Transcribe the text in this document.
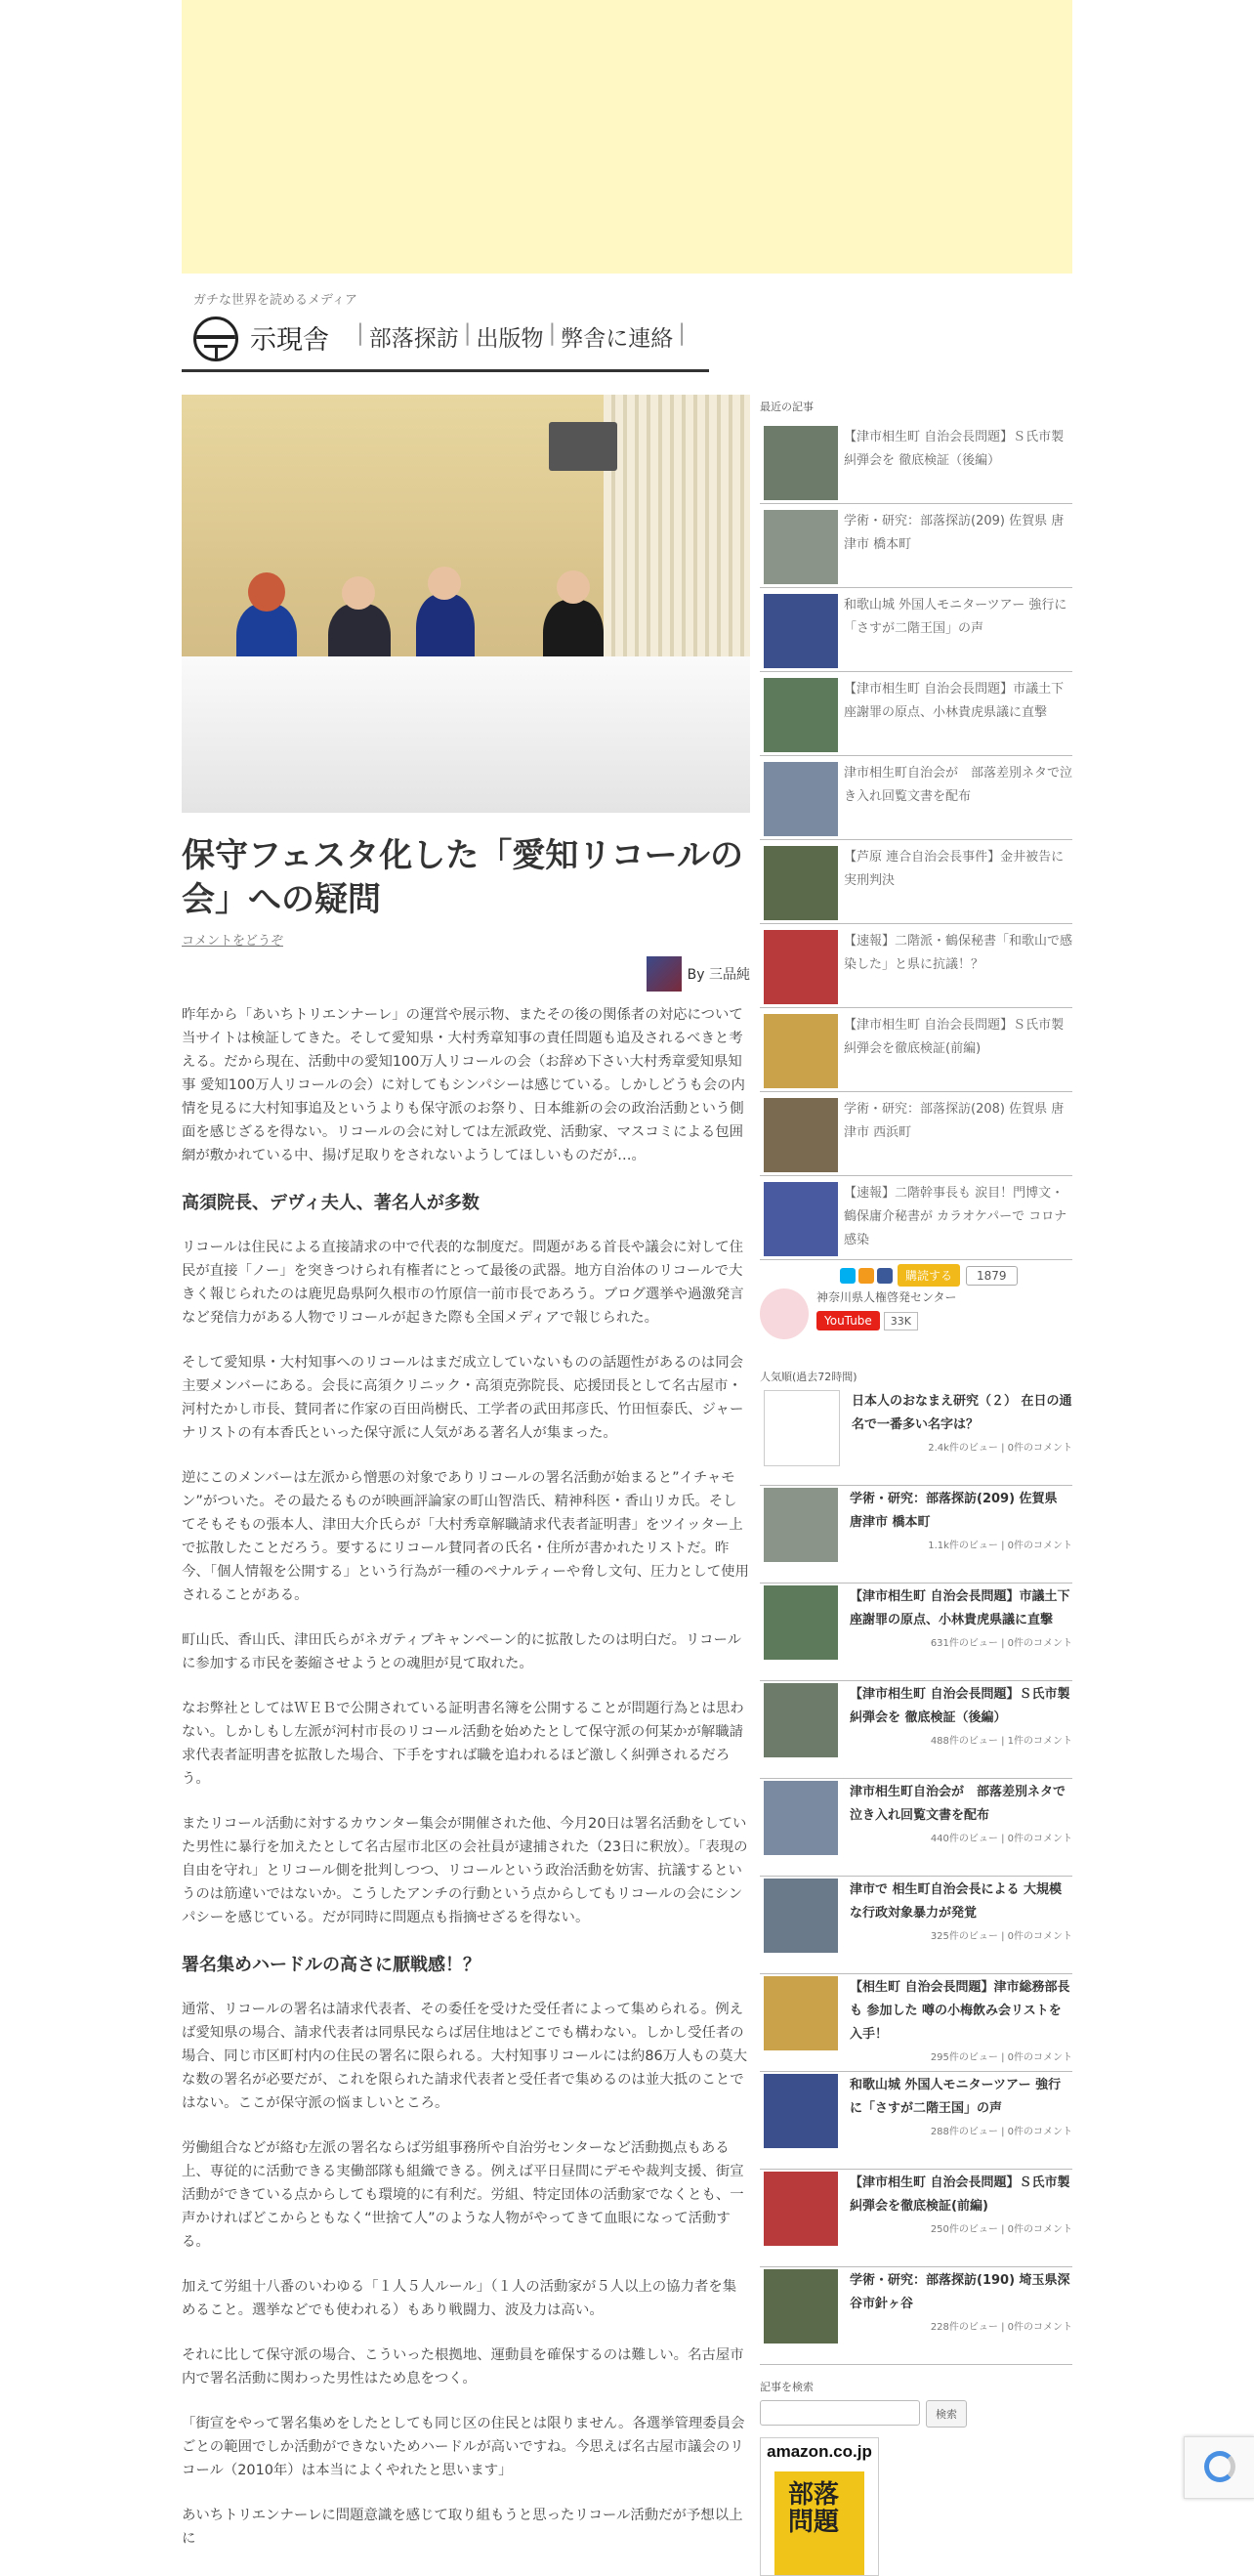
ガチな世界を読めるメディア
示現舎 | 部落探訪 | 出版物 | 弊舎に連絡 |
保守フェスタ化した「愛知リコールの会」への疑問
コメントをどうぞ
By 三品純

昨年から「あいちトリエンナーレ」の運営や展示物、またその後の関係者の対応について当サイトは検証してきた。そして愛知県・大村秀章知事の責任問題も追及されるべきと考える。だから現在、活動中の愛知100万人リコールの会（お辞め下さい大村秀章愛知県知事 愛知100万人リコールの会）に対してもシンパシーは感じている。しかしどうも会の内情を見るに大村知事追及というよりも保守派のお祭り、日本維新の会の政治活動という側面を感じざるを得ない。リコールの会に対しては左派政党、活動家、マスコミによる包囲網が敷かれている中、揚げ足取りをされないようしてほしいものだが…。

高須院長、デヴィ夫人、著名人が多数

リコールは住民による直接請求の中で代表的な制度だ。問題がある首長や議会に対して住民が直接「ノー」を突きつけられ有権者にとって最後の武器。地方自治体のリコールで大きく報じられたのは鹿児島県阿久根市の竹原信一前市長であろう。ブログ選挙や過激発言など発信力がある人物でリコールが起きた際も全国メディアで報じられた。

そして愛知県・大村知事へのリコールはまだ成立していないものの話題性があるのは同会主要メンバーにある。会長に高須クリニック・高須克弥院長、応援団長として名古屋市・河村たかし市長、賛同者に作家の百田尚樹氏、工学者の武田邦彦氏、竹田恒泰氏、ジャーナリストの有本香氏といった保守派に人気がある著名人が集まった。

逆にこのメンバーは左派から憎悪の対象でありリコールの署名活動が始まると”イチャモン”がついた。その最たるものが映画評論家の町山智浩氏、精神科医・香山リカ氏。そしてそもそもの張本人、津田大介氏らが「大村秀章解職請求代表者証明書」をツイッター上で拡散したことだろう。要するにリコール賛同者の氏名・住所が書かれたリストだ。昨今、「個人情報を公開する」という行為が一種のペナルティーや脅し文句、圧力として使用されることがある。

町山氏、香山氏、津田氏らがネガティブキャンペーン的に拡散したのは明白だ。リコールに参加する市民を萎縮させようとの魂胆が見て取れた。

なお弊社としてはＷＥＢで公開されている証明書名簿を公開することが問題行為とは思わない。しかしもし左派が河村市長のリコール活動を始めたとして保守派の何某かが解職請求代表者証明書を拡散した場合、下手をすれば職を追われるほど激しく糾弾されるだろう。

またリコール活動に対するカウンター集会が開催された他、今月20日は署名活動をしていた男性に暴行を加えたとして名古屋市北区の会社員が逮捕された（23日に釈放）。「表現の自由を守れ」とリコール側を批判しつつ、リコールという政治活動を妨害、抗議するというのは筋違いではないか。こうしたアンチの行動という点からしてもリコールの会にシンパシーを感じている。だが同時に問題点も指摘せざるを得ない。

署名集めハードルの高さに厭戦感！？

通常、リコールの署名は請求代表者、その委任を受けた受任者によって集められる。例えば愛知県の場合、請求代表者は同県民ならば居住地はどこでも構わない。しかし受任者の場合、同じ市区町村内の住民の署名に限られる。大村知事リコールには約86万人もの莫大な数の署名が必要だが、これを限られた請求代表者と受任者で集めるのは並大抵のことではない。ここが保守派の悩ましいところ。

労働組合などが絡む左派の署名ならば労組事務所や自治労センターなど活動拠点もある上、専従的に活動できる実働部隊も組織できる。例えば平日昼間にデモや裁判支援、街宣活動ができている点からしても環境的に有利だ。労組、特定団体の活動家でなくとも、一声かければどこからともなく“世捨て人”のような人物がやってきて血眼になって活動する。

加えて労組十八番のいわゆる「１人５人ルール」（１人の活動家が５人以上の協力者を集めること。選挙などでも使われる）もあり戦闘力、波及力は高い。

それに比して保守派の場合、こういった根拠地、運動員を確保するのは難しい。名古屋市内で署名活動に関わった男性はため息をつく。

「街宣をやって署名集めをしたとしても同じ区の住民とは限りません。各選挙管理委員会ごとの範囲でしか活動ができないためハードルが高いですね。今思えば名古屋市議会のリコール（2010年）は本当によくやれたと思います」

あいちトリエンナーレに問題意識を感じて取り組もうと思ったリコール活動だが予想以上に

最近の記事
【津市相生町 自治会長問題】Ｓ氏市製糾弾会を 徹底検証（後編）
学術・研究：部落探訪(209) 佐賀県 唐津市 橋本町
和歌山城 外国人モニターツアー 強行に「さすが二階王国」の声
【津市相生町 自治会長問題】市議土下座謝罪の原点、小林貴虎県議に直撃
津市相生町自治会が　部落差別ネタで泣き入れ回覧文書を配布
【芦原 連合自治会長事件】金井被告に実刑判決
【速報】二階派・鶴保秘書「和歌山で感染した」と県に抗議！？
【津市相生町 自治会長問題】Ｓ氏市製糾弾会を徹底検証(前編)
学術・研究：部落探訪(208) 佐賀県 唐津市 西浜町
【速報】二階幹事長も 涙目！門博文・鶴保庸介秘書が カラオケパーで コロナ感染
購読する	1879
神奈川県人権啓発センター
YouTube	33K
人気順(過去72時間)
日本人のおなまえ研究（２） 在日の通名で一番多い名字は？
2.4k件のビュー | 0件のコメント
学術・研究：部落探訪(209) 佐賀県 唐津市 橋本町
1.1k件のビュー | 0件のコメント
【津市相生町 自治会長問題】市議土下座謝罪の原点、小林貴虎県議に直撃
631件のビュー | 0件のコメント
【津市相生町 自治会長問題】Ｓ氏市製糾弾会を 徹底検証（後編）
488件のビュー | 1件のコメント
津市相生町自治会が　部落差別ネタで泣き入れ回覧文書を配布
440件のビュー | 0件のコメント
津市で 相生町自治会長による 大規模な行政対象暴力が発覚
325件のビュー | 0件のコメント
【相生町 自治会長問題】津市総務部長も 参加した 噂の小梅飲み会リストを入手！
295件のビュー | 0件のコメント
和歌山城 外国人モニターツアー 強行に「さすが二階王国」の声
288件のビュー | 0件のコメント
【津市相生町 自治会長問題】Ｓ氏市製糾弾会を徹底検証(前編)
250件のビュー | 0件のコメント
学術・研究：部落探訪(190) 埼玉県深谷市針ヶ谷
228件のビュー | 0件のコメント
記事を検索
検索
amazon.co.jp
部落問題
